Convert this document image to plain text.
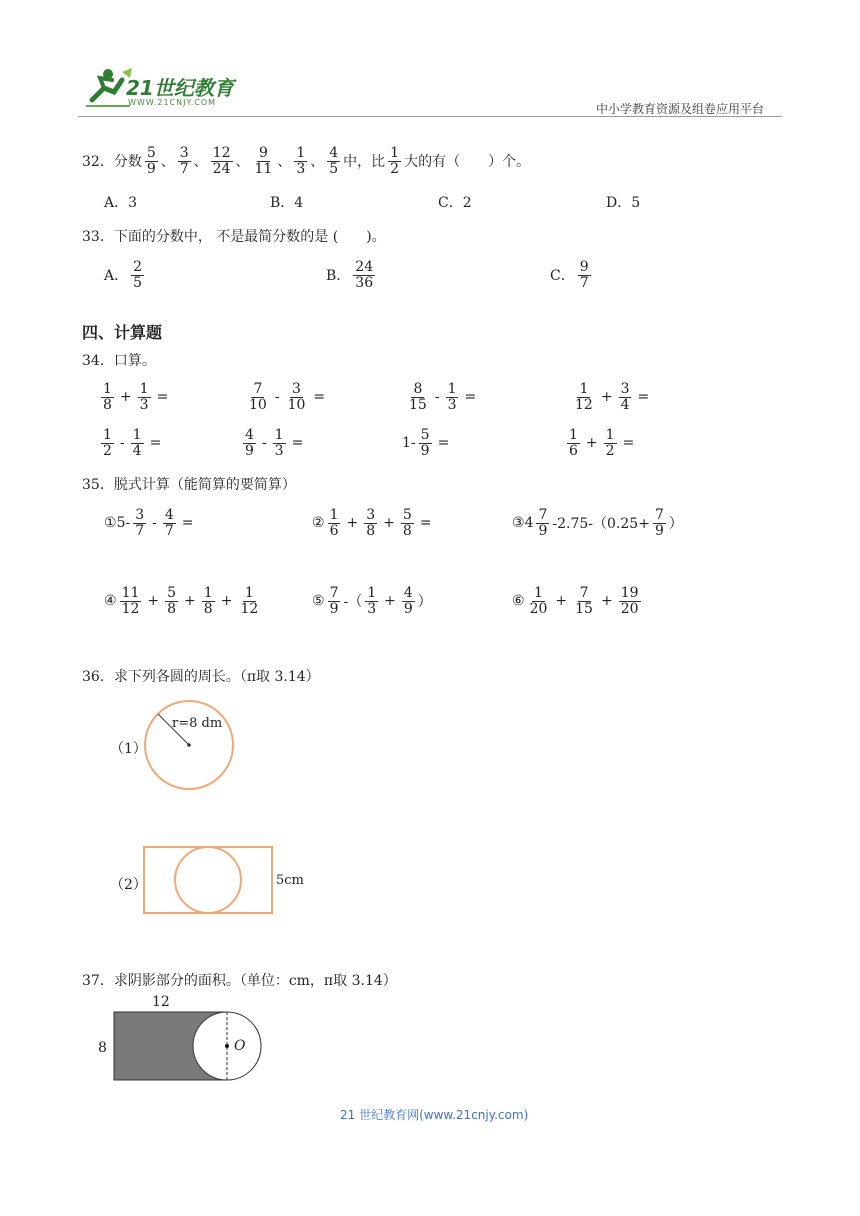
21世纪教育
WWW.21CNJY.COM	中小学教育资源及组卷应用平台
32． 分数 $\frac{5}{9}$ 、 $\frac{3}{7}$ 、 $\frac{12}{24}$ 、 $\frac{9}{11}$ 、 $\frac{1}{3}$ 、 $\frac{4}{5}$ 中，比 $\frac{1}{2}$ 大的有（　　）个。
A．3	B．4	C．2	D．5
33． 下面的分数中， 不是最简分数的是 (　　)。
A． $\frac{2}{5}$	B． $\frac{24}{36}$	C． $\frac{9}{7}$
四、计算题
34．口算。
$\frac{1}{8} + \frac{1}{3}$ =	$\frac{7}{10} - \frac{3}{10}$ =	$\frac{8}{15} - \frac{1}{3}$ =	$\frac{1}{12} + \frac{3}{4}$ =
$\frac{1}{2} - \frac{1}{4}$ =	$\frac{4}{9} - \frac{1}{3}$ =	$1- \frac{5}{9}$ =	$\frac{1}{6} + \frac{1}{2}$ =
35．脱式计算（能简算的要简算）
① $5- \frac{3}{7} - \frac{4}{7}$ =	② $\frac{1}{6} + \frac{3}{8} + \frac{5}{8}$ =	③ $4 \frac{7}{9} -2.75-(0.25+ \frac{7}{9}$ ）
④ $\frac{11}{12} + \frac{5}{8} + \frac{1}{8} + \frac{1}{12}$	⑤ $\frac{7}{9}$ -（ $\frac{1}{3} + \frac{4}{9}$ ）	⑥ $\frac{1}{20} + \frac{7}{15} + \frac{19}{20}$
36．求下列各圆的周长。（π取 3.14）
（1）
r=8 dm
（2）	5cm
37．求阴影部分的面积。（单位：cm，π取 3.14）
12
8	O
21 世纪教育网(www.21cnjy.com)
